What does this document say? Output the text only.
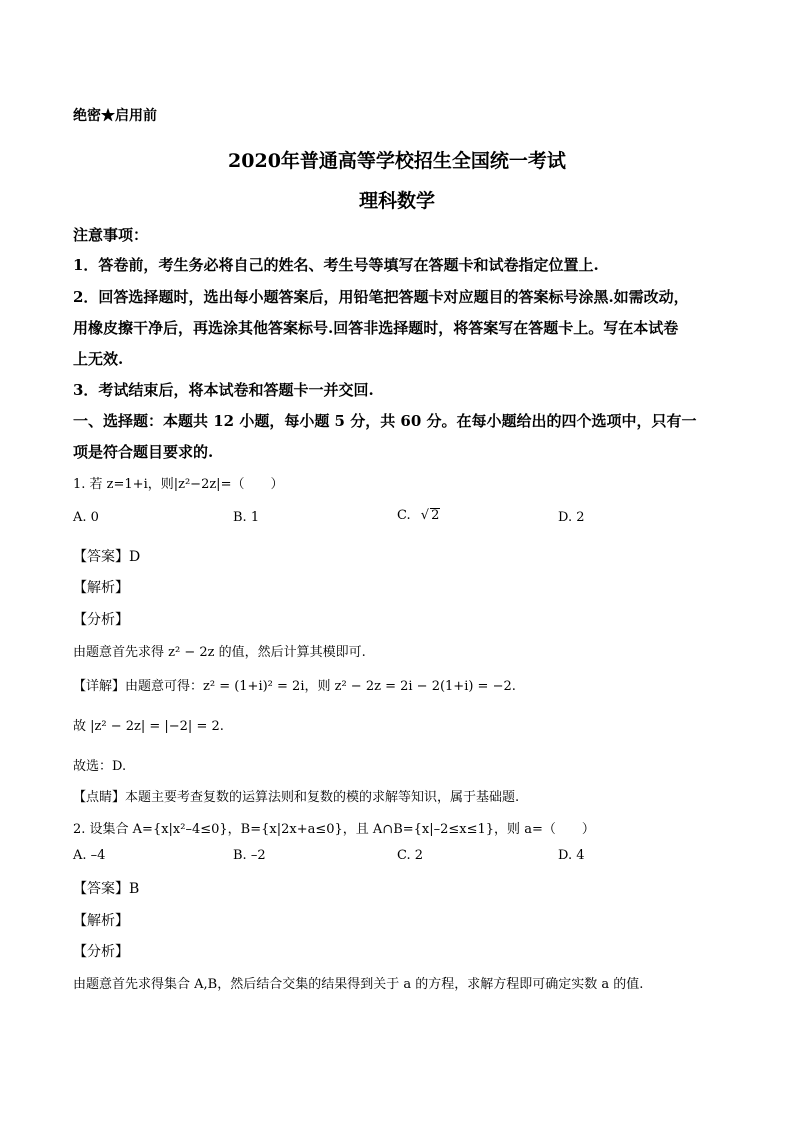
绝密★启用前
2020年普通高等学校招生全国统一考试
理科数学
注意事项：
1．答卷前，考生务必将自己的姓名、考生号等填写在答题卡和试卷指定位置上.
2．回答选择题时，选出每小题答案后，用铅笔把答题卡对应题目的答案标号涂黑.如需改动，
用橡皮擦干净后，再选涂其他答案标号.回答非选择题时，将答案写在答题卡上。写在本试卷
上无效.
3．考试结束后，将本试卷和答题卡一并交回.
一、选择题：本题共 12 小题，每小题 5 分，共 60 分。在每小题给出的四个选项中，只有一
项是符合题目要求的.
1. 若 z=1+i，则|z²−2z|=（　　）
A. 0	B. 1	C. √ 2	D. 2
【答案】D
【解析】
【分析】
由题意首先求得 z² − 2z 的值，然后计算其模即可.
【详解】由题意可得：z² = (1+i)² = 2i，则 z² − 2z = 2i − 2(1+i) = −2.
故 |z² − 2z| = |−2| = 2.
故选：D.
【点睛】本题主要考查复数的运算法则和复数的模的求解等知识，属于基础题.
2. 设集合 A={x|x²–4≤0}，B={x|2x+a≤0}，且 A∩B={x|–2≤x≤1}，则 a=（　　）
A. –4	B. –2	C. 2	D. 4
【答案】B
【解析】
【分析】
由题意首先求得集合 A,B，然后结合交集的结果得到关于 a 的方程，求解方程即可确定实数 a 的值.
